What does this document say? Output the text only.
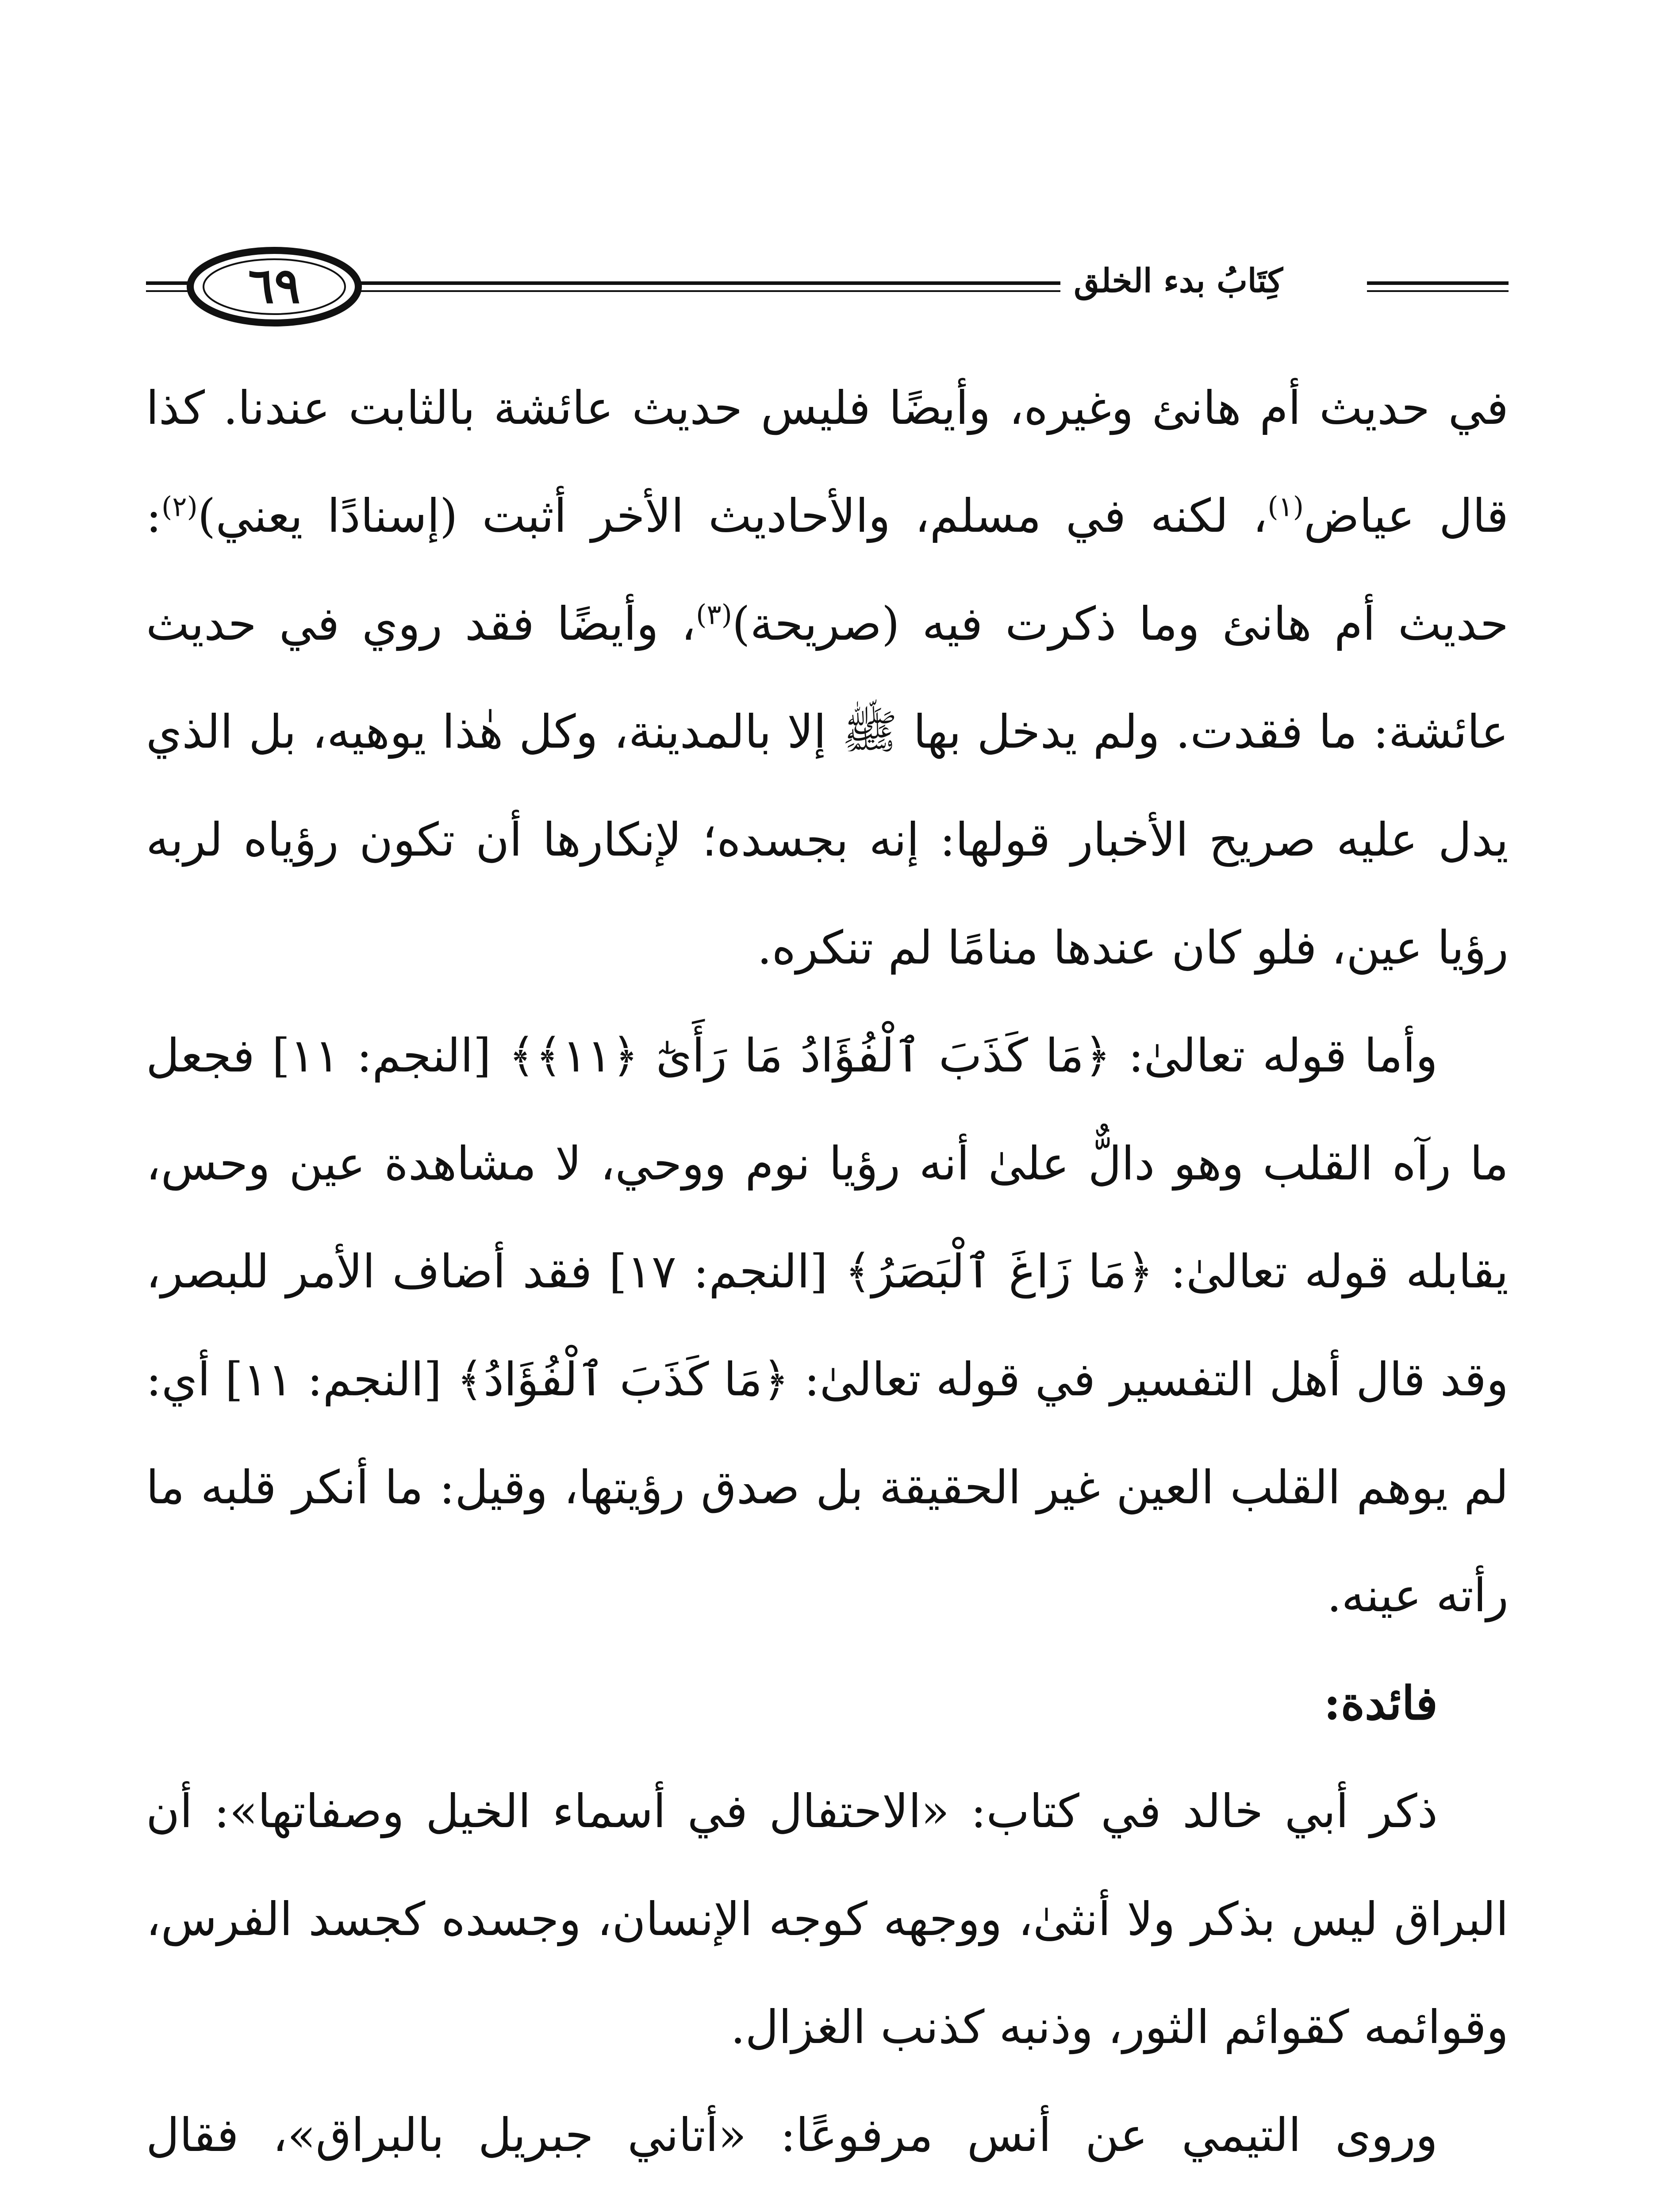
كِتَابُ بدء الخلق
٦٩

في حديث أم هانئ وغيره، وأيضًا فليس حديث عائشة بالثابت عندنا. كذا قال عياض$^{(١)}$، لكنه في مسلم، والأحاديث الأخر أثبت (إسنادًا يعني)$^{(٢)}$: حديث أم هانئ وما ذكرت فيه (صريحة)$^{(٣)}$، وأيضًا فقد روي في حديث عائشة: ما فقدت. ولم يدخل بها ﷺ إلا بالمدينة، وكل هٰذا يوهيه، بل الذي يدل عليه صريح الأخبار قولها: إنه بجسده؛ لإنكارها أن تكون رؤياه لربه رؤيا عين، فلو كان عندها منامًا لم تنكره.

وأما قوله تعالىٰ: ﴿مَا كَذَبَ ٱلْفُؤَادُ مَا رَأَىٰٓ ﴿١١﴾﴾ [النجم: ١١] فجعل ما رآه القلب وهو دالٌّ علىٰ أنه رؤيا نوم ووحي، لا مشاهدة عين وحس، يقابله قوله تعالىٰ: ﴿مَا زَاغَ ٱلْبَصَرُ﴾ [النجم: ١٧] فقد أضاف الأمر للبصر، وقد قال أهل التفسير في قوله تعالىٰ: ﴿مَا كَذَبَ ٱلْفُؤَادُ﴾ [النجم: ١١] أي: لم يوهم القلب العين غير الحقيقة بل صدق رؤيتها، وقيل: ما أنكر قلبه ما رأته عينه.

فائدة:

ذكر أبي خالد في كتاب: «الاحتفال في أسماء الخيل وصفاتها»: أن البراق ليس بذكر ولا أنثىٰ، ووجهه كوجه الإنسان، وجسده كجسد الفرس، وقوائمه كقوائم الثور، وذنبه كذنب الغزال.

وروى التيمي عن أنس مرفوعًا: «أتاني جبريل بالبراق»، فقال
